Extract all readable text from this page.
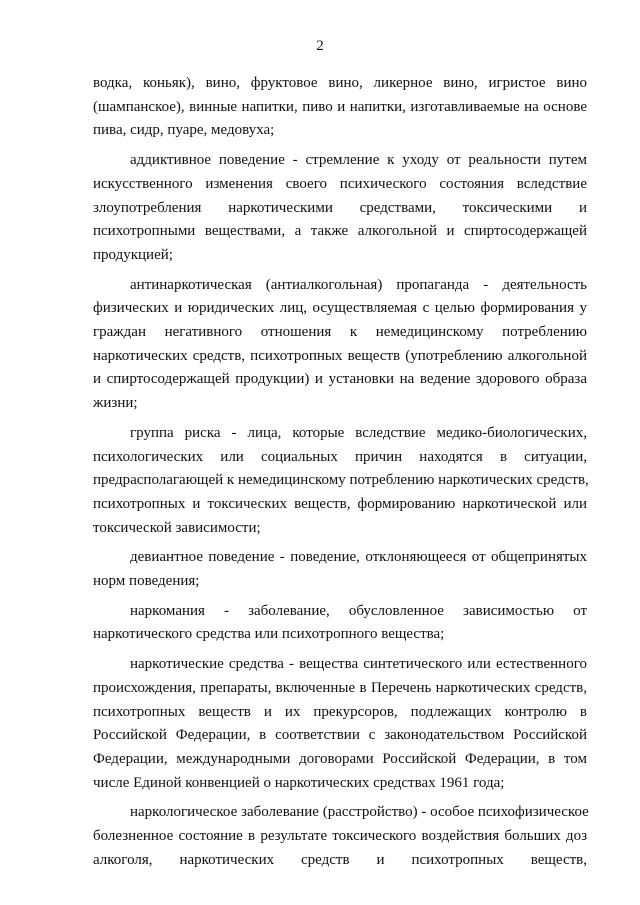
2
водка, коньяк), вино, фруктовое вино, ликерное вино, игристое вино
(шампанское), винные напитки, пиво и напитки, изготавливаемые на основе
пива, сидр, пуаре, медовуха;
аддиктивное поведение - стремление к уходу от реальности путем
искусственного изменения своего психического состояния вследствие
злоупотребления наркотическими средствами, токсическими и
психотропными веществами, а также алкогольной и спиртосодержащей
продукцией;
антинаркотическая (антиалкогольная) пропаганда - деятельность
физических и юридических лиц, осуществляемая с целью формирования у
граждан негативного отношения к немедицинскому потреблению
наркотических средств, психотропных веществ (употреблению алкогольной
и спиртосодержащей продукции) и установки на ведение здорового образа
жизни;
группа риска - лица, которые вследствие медико-биологических,
психологических или социальных причин находятся в ситуации,
предрасполагающей к немедицинскому потреблению наркотических средств,
психотропных и токсических веществ, формированию наркотической или
токсической зависимости;
девиантное поведение - поведение, отклоняющееся от общепринятых
норм поведения;
наркомания - заболевание, обусловленное зависимостью от
наркотического средства или психотропного вещества;
наркотические средства - вещества синтетического или естественного
происхождения, препараты, включенные в Перечень наркотических средств,
психотропных веществ и их прекурсоров, подлежащих контролю в
Российской Федерации, в соответствии с законодательством Российской
Федерации, международными договорами Российской Федерации, в том
числе Единой конвенцией о наркотических средствах 1961 года;
наркологическое заболевание (расстройство) - особое психофизическое
болезненное состояние в результате токсического воздействия больших доз
алкоголя, наркотических средств и психотропных веществ,
